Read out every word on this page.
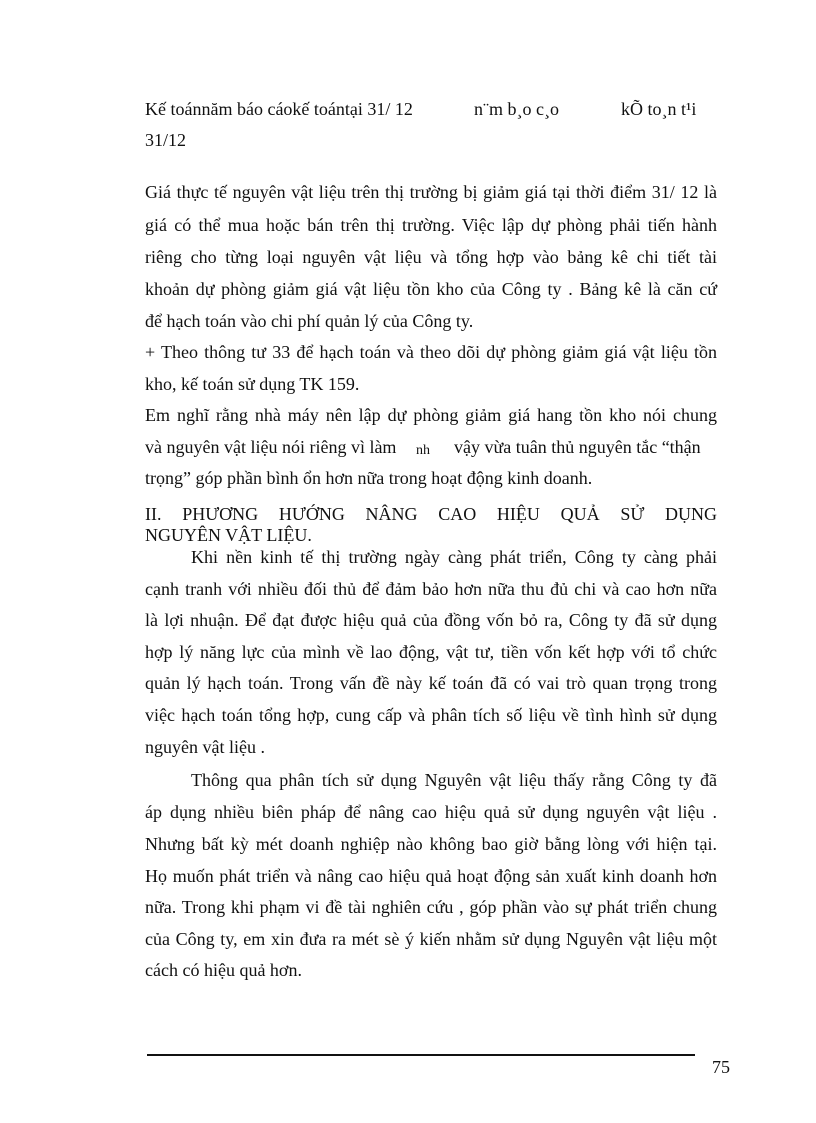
Kế toánnăm báo cáokế toántại 31/ 12	n¨m b¸o c¸o	kÕ to¸n t¹i
31/12
Giá thực tế nguyên vật liệu trên thị trường bị giảm giá tại thời điểm 31/ 12 là
giá có thể mua hoặc bán trên thị trường. Việc lập dự phòng phải tiến hành
riêng cho từng loại nguyên vật liệu và tổng hợp vào bảng kê chi tiết tài
khoản dự phòng giảm giá vật liệu tồn kho của Công ty . Bảng kê là căn cứ
để hạch toán vào chi phí quản lý của Công ty.
+ Theo thông tư 33 để hạch toán và theo dõi dự phòng giảm giá vật liệu tồn
kho, kế toán sử dụng TK 159.
Em nghĩ rằng nhà máy nên lập dự phòng giảm giá hang tồn kho nói chung
và nguyên vật liệu nói riêng vì làm nh vậy vừa tuân thủ nguyên tắc “thận
trọng” góp phần bình ổn hơn nữa trong hoạt động kinh doanh.
II. PHƯƠNG HƯỚNG NÂNG CAO HIỆU QUẢ SỬ DỤNG
NGUYÊN VẬT LIỆU.
Khi nền kinh tế thị trường ngày càng phát triển, Công ty càng phải
cạnh tranh với nhiều đối thủ để đảm bảo hơn nữa thu đủ chi và cao hơn nữa
là lợi nhuận. Để đạt được hiệu quả của đồng vốn bỏ ra, Công ty đã sử dụng
hợp lý năng lực của mình về lao động, vật tư, tiền vốn kết hợp với tổ chức
quản lý hạch toán. Trong vấn đề này kế toán đã có vai trò quan trọng trong
việc hạch toán tổng hợp, cung cấp và phân tích số liệu về tình hình sử dụng
nguyên vật liệu .
Thông qua phân tích sử dụng Nguyên vật liệu thấy rằng Công ty đã
áp dụng nhiều biên pháp để nâng cao hiệu quả sử dụng nguyên vật liệu .
Nhưng bất kỳ mét doanh nghiệp nào không bao giờ bằng lòng với hiện tại.
Họ muốn phát triển và nâng cao hiệu quả hoạt động sản xuất kinh doanh hơn
nữa. Trong khi phạm vi đề tài nghiên cứu , góp phần vào sự phát triển chung
của Công ty, em xin đưa ra mét sè ý kiến nhằm sử dụng Nguyên vật liệu một
cách có hiệu quả hơn.
75
